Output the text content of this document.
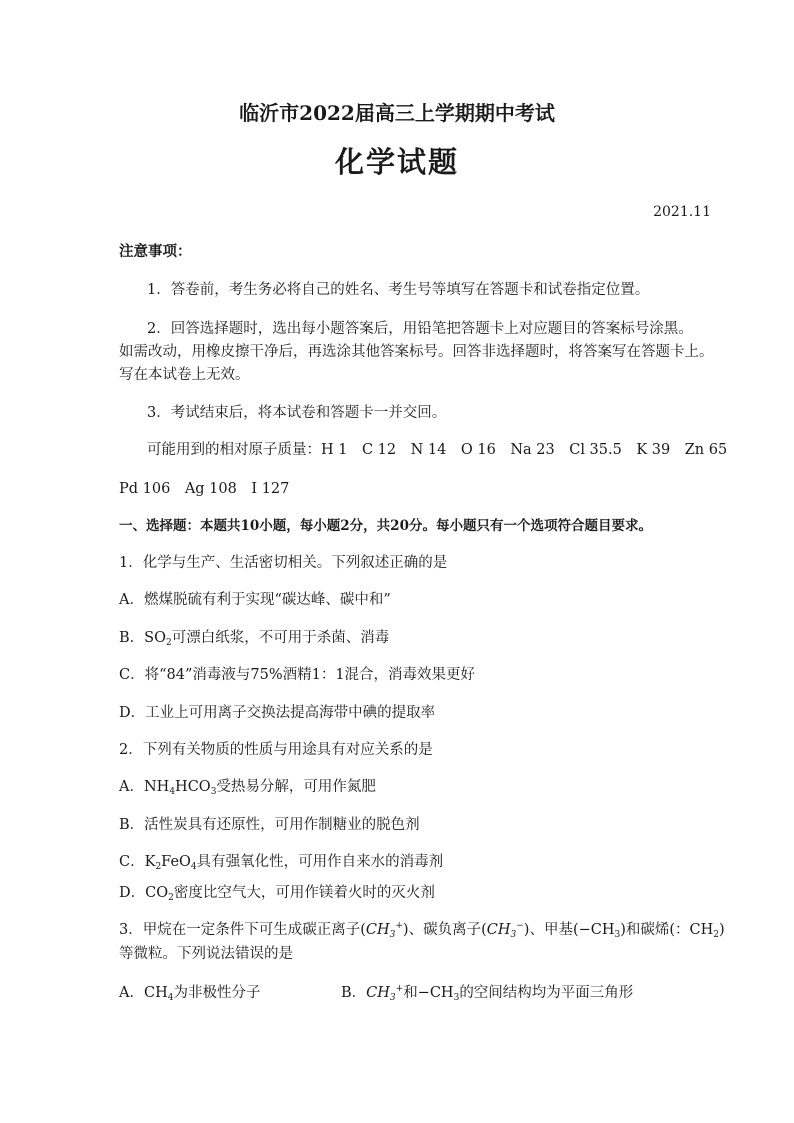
临沂市2022届高三上学期期中考试
化学试题
2021.11
注意事项：
1．答卷前，考生务必将自己的姓名、考生号等填写在答题卡和试卷指定位置。
2．回答选择题时，选出每小题答案后，用铅笔把答题卡上对应题目的答案标号涂黑。
如需改动，用橡皮擦干净后，再选涂其他答案标号。回答非选择题时，将答案写在答题卡上。
写在本试卷上无效。
3．考试结束后，将本试卷和答题卡一并交回。
可能用到的相对原子质量：H 1　C 12　N 14　O 16　Na 23　Cl 35.5　K 39　Zn 65
Pd 106　Ag 108　I 127
一、选择题：本题共10小题，每小题2分，共20分。每小题只有一个选项符合题目要求。
1．化学与生产、生活密切相关。下列叙述正确的是
A．燃煤脱硫有利于实现“碳达峰、碳中和”
B．$SO_2$可漂白纸浆，不可用于杀菌、消毒
C．将“84”消毒液与75%酒精1：1混合，消毒效果更好
D．工业上可用离子交换法提高海带中碘的提取率
2．下列有关物质的性质与用途具有对应关系的是
A．$NH_4HCO_3$受热易分解，可用作氮肥
B．活性炭具有还原性，可用作制糖业的脱色剂
C．$K_2FeO_4$具有强氧化性，可用作自来水的消毒剂
D．$CO_2$密度比空气大，可用作镁着火时的灭火剂
3．甲烷在一定条件下可生成碳正离子$(CH_3^+)$、碳负离子$(CH_3^-)$、甲基$(-CH_3)$和碳烯(：$CH_2$)
等微粒。下列说法错误的是
A．$CH_4$为非极性分子	B．$CH_3^+$和$-CH_3$的空间结构均为平面三角形
